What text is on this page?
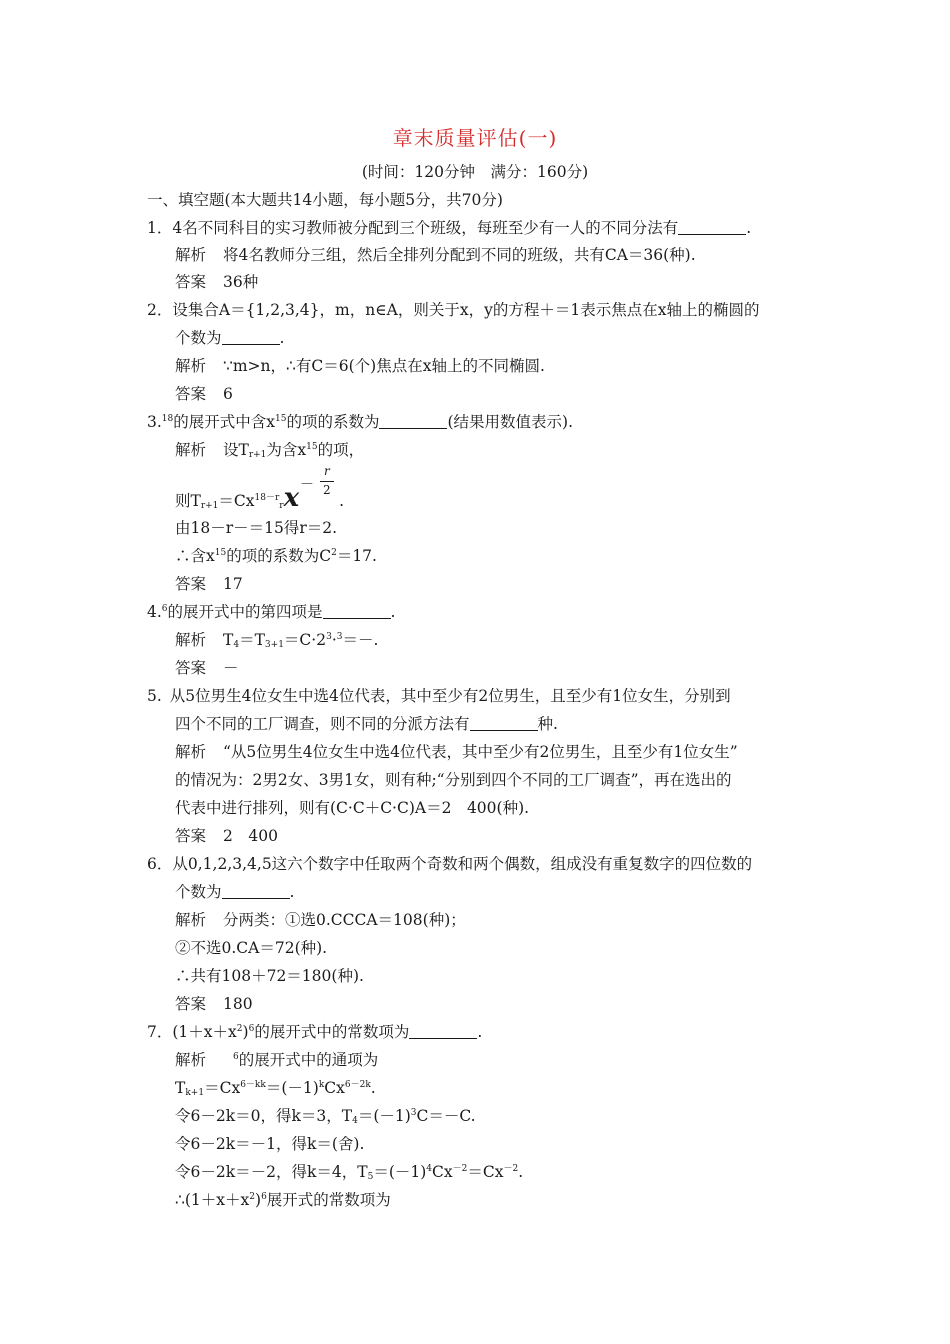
章末质量评估(一)
(时间：120分钟　满分：160分)
一、填空题(本大题共14小题，每小题5分，共70分)
1．4名不同科目的实习教师被分配到三个班级，每班至少有一人的不同分法有	.
解析 将4名教师分三组，然后全排列分配到不同的班级，共有CA＝36(种).
答案 36种
2．设集合A＝{1,2,3,4}，m，n∈A，则关于x，y的方程＋＝1表示焦点在x轴上的椭圆的
个数为	.
解析 ∵m>n，∴有C＝6(个)焦点在x轴上的不同椭圆.
答案 6
3.18的展开式中含$x^{15}$的项的系数为	(结果用数值表示).
解析 设$T_{r+1}$为含$x^{15}$的项，
则$T_{r+1}=Cx^{18-r}_rx$	.
－
r
2
由18－r－＝15得r＝2.
∴含$x^{15}$的项的系数为$C^2=17$.
答案 17
4.$^6$的展开式中的第四项是	.
解析 $T_4=T_{3+1}=C\cdot 2^3\cdot^3=-$.
答案 －
5. 从5位男生4位女生中选4位代表，其中至少有2位男生，且至少有1位女生，分别到
四个不同的工厂调查，则不同的分派方法有	种.
解析 “从5位男生4位女生中选4位代表，其中至少有2位男生，且至少有1位女生”
的情况为：2男2女、3男1女，则有种;“分别到四个不同的工厂调查”，再在选出的
代表中进行排列，则有(C·C＋C·C)A＝2　400(种).
答案 2　400
6．从0,1,2,3,4,5这六个数字中任取两个奇数和两个偶数，组成没有重复数字的四位数的
个数为	.
解析 分两类：①选0.CCCA＝108(种)；
②不选0.CA＝72(种).
∴共有108＋72＝180(种).
答案 180
7．$(1+x+x^2)^6$的展开式中的常数项为	.
解析	$^6$的展开式中的通项为
$T_{k+1}=Cx^{6-kk}=(-1)^kCx^{6-2k}$.
令6－2k＝0，得k＝3，$T_4=(-1)^3C=-C$.
令6－2k＝－1，得k＝(舍).
令6－2k＝－2，得k＝4，$T_5=(-1)^4Cx^{-2}=Cx^{-2}$.
$\therefore(1+x+x^2)^6$展开式的常数项为
